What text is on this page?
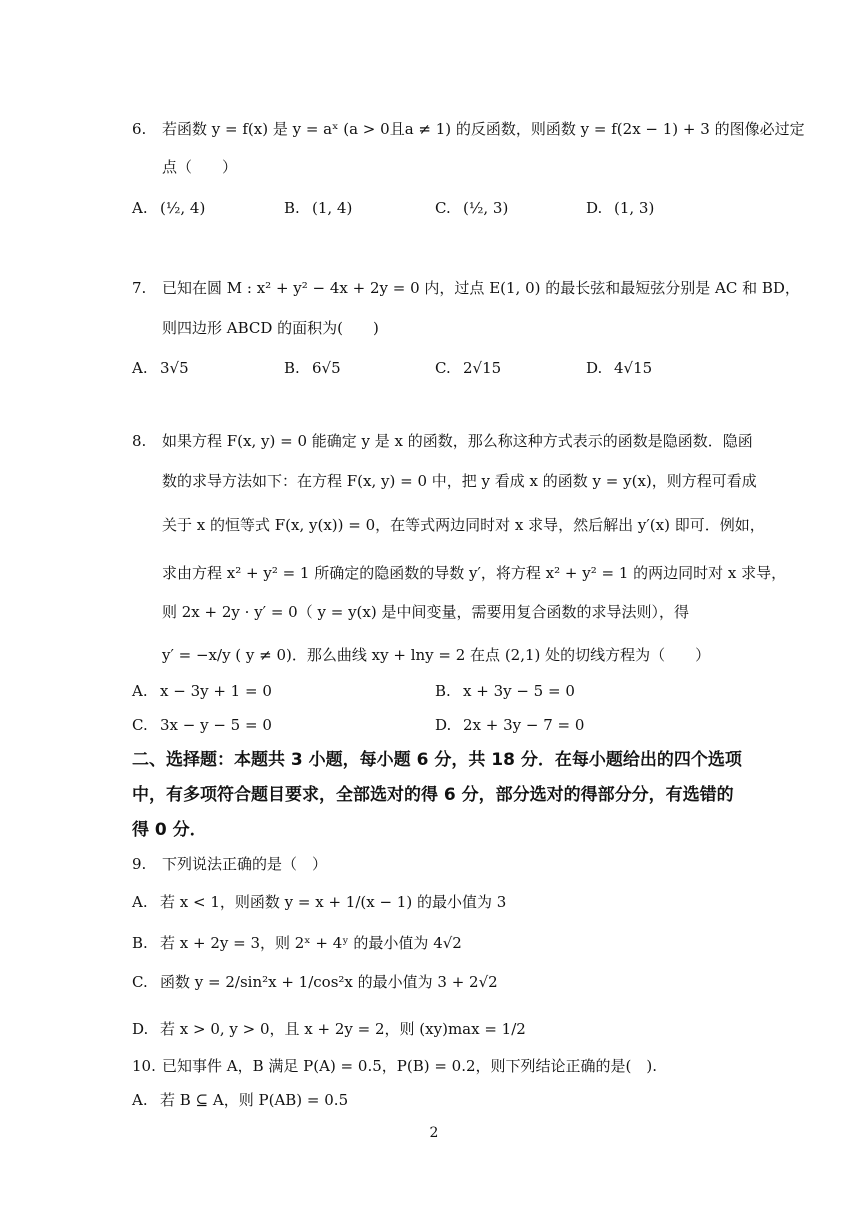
6. 若函数 y = f(x) 是 y = aˣ (a > 0且a ≠ 1) 的反函数，则函数 y = f(2x − 1) + 3 的图像必过定
点（　　）
A. (½, 4)	B. (1, 4)	C. (½, 3)	D. (1, 3)
7. 已知在圆 M : x² + y² − 4x + 2y = 0 内，过点 E(1, 0) 的最长弦和最短弦分别是 AC 和 BD，
则四边形 ABCD 的面积为(　　)
A. 3√5	B. 6√5	C. 2√15	D. 4√15
8. 如果方程 F(x, y) = 0 能确定 y 是 x 的函数，那么称这种方式表示的函数是隐函数．隐函
数的求导方法如下：在方程 F(x, y) = 0 中，把 y 看成 x 的函数 y = y(x)，则方程可看成
关于 x 的恒等式 F(x, y(x)) = 0，在等式两边同时对 x 求导，然后解出 y′(x) 即可．例如，
求由方程 x² + y² = 1 所确定的隐函数的导数 y′，将方程 x² + y² = 1 的两边同时对 x 求导，
则 2x + 2y · y′ = 0（ y = y(x) 是中间变量，需要用复合函数的求导法则），得
y′ = −x/y ( y ≠ 0)．那么曲线 xy + lny = 2 在点 (2,1) 处的切线方程为（　　）
A. x − 3y + 1 = 0	B. x + 3y − 5 = 0
C. 3x − y − 5 = 0	D. 2x + 3y − 7 = 0
二、选择题：本题共 3 小题，每小题 6 分，共 18 分．在每小题给出的四个选项
中，有多项符合题目要求，全部选对的得 6 分，部分选对的得部分分，有选错的
得 0 分．
9. 下列说法正确的是（　）
A. 若 x < 1，则函数 y = x + 1/(x − 1) 的最小值为 3
B. 若 x + 2y = 3，则 2ˣ + 4ʸ 的最小值为 4√2
C. 函数 y = 2/sin²x + 1/cos²x 的最小值为 3 + 2√2
D. 若 x > 0, y > 0，且 x + 2y = 2，则 (xy)max = 1/2
10. 已知事件 A，B 满足 P(A) = 0.5，P(B) = 0.2，则下列结论正确的是(　).
A. 若 B ⊆ A，则 P(AB) = 0.5
2
